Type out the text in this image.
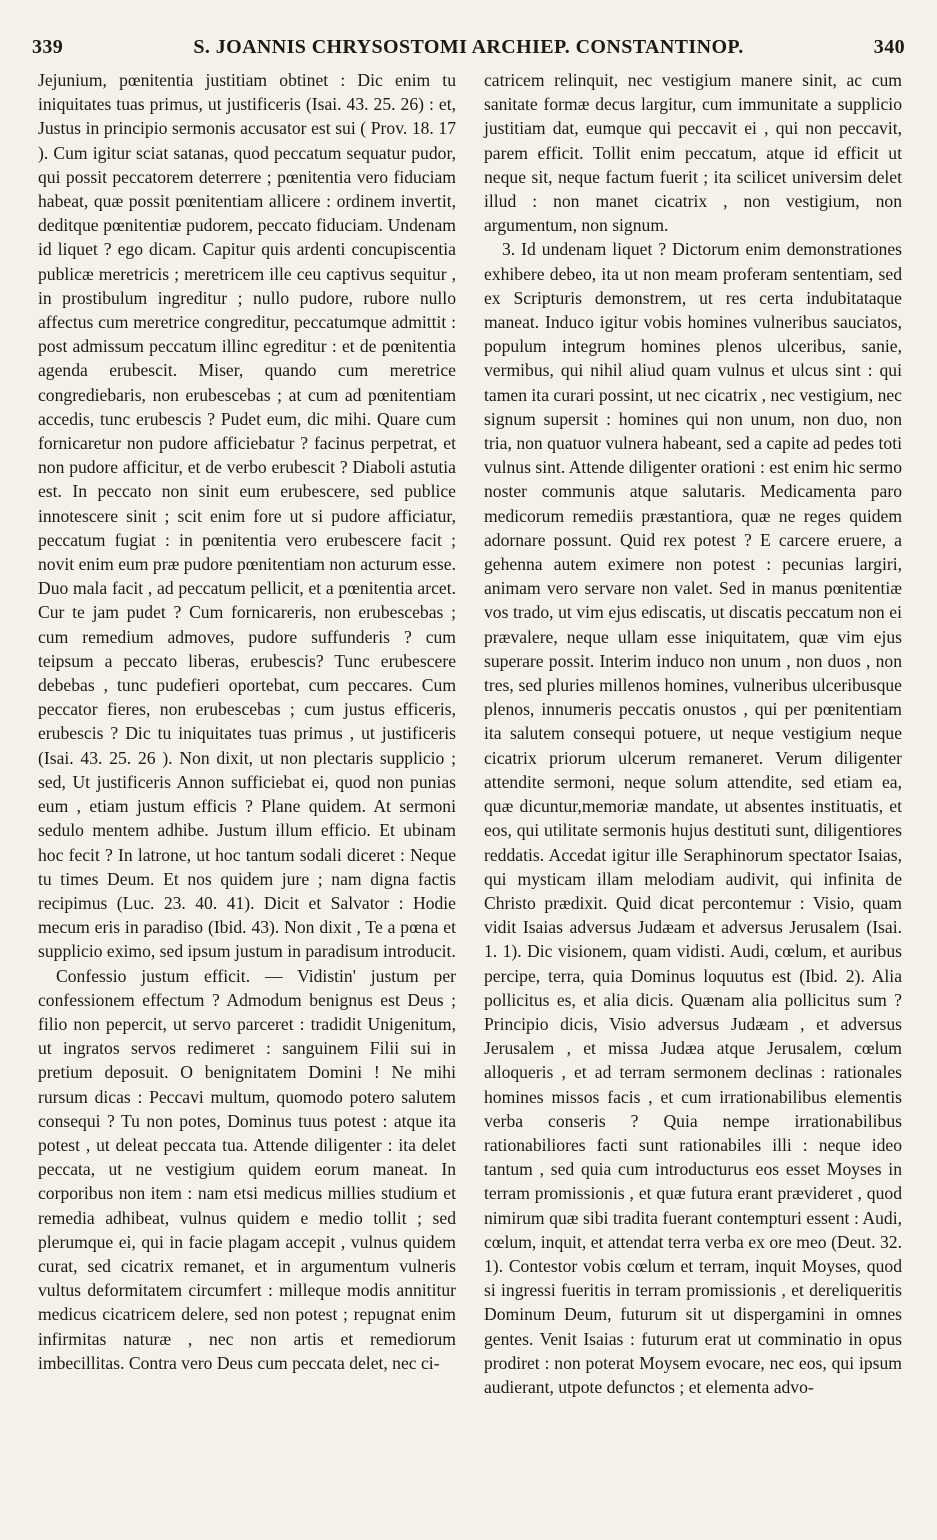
339	S. JOANNIS CHRYSOSTOMI ARCHIEP. CONSTANTINOP.	340

Jejunium, pœnitentia justitiam obtinet : Dic enim tu iniquitates tuas primus, ut justificeris (Isai. 43. 25. 26) : et, Justus in principio sermonis accusator est sui ( Prov. 18. 17 ). Cum igitur sciat satanas, quod peccatum sequatur pudor, qui possit peccatorem deterrere ; pœnitentia vero fiduciam habeat, quæ possit pœnitentiam allicere : ordinem invertit, deditque pœnitentiæ pudorem, peccato fiduciam. Undenam id liquet ? ego dicam. Capitur quis ardenti concupiscentia publicæ meretricis ; meretricem ille ceu captivus sequitur , in prostibulum ingreditur ; nullo pudore, rubore nullo affectus cum meretrice congreditur, peccatumque admittit : post admissum peccatum illinc egreditur : et de pœnitentia agenda erubescit. Miser, quando cum meretrice congrediebaris, non erubescebas ; at cum ad pœnitentiam accedis, tunc erubescis ? Pudet eum, dic mihi. Quare cum fornicaretur non pudore afficiebatur ? facinus perpetrat, et non pudore afficitur, et de verbo erubescit ? Diaboli astutia est. In peccato non sinit eum erubescere, sed publice innotescere sinit ; scit enim fore ut si pudore afficiatur, peccatum fugiat : in pœnitentia vero erubescere facit ; novit enim eum præ pudore pœnitentiam non acturum esse. Duo mala facit , ad peccatum pellicit, et a pœnitentia arcet. Cur te jam pudet ? Cum fornicareris, non erubescebas ; cum remedium admoves, pudore suffunderis ? cum teipsum a peccato liberas, erubescis? Tunc erubescere debebas , tunc pudefieri oportebat, cum peccares. Cum peccator fieres, non erubescebas ; cum justus efficeris, erubescis ? Dic tu iniquitates tuas primus , ut justificeris (Isai. 43. 25. 26 ). Non dixit, ut non plectaris supplicio ; sed, Ut justificeris Annon sufficiebat ei, quod non punias eum , etiam justum efficis ? Plane quidem. At sermoni sedulo mentem adhibe. Justum illum efficio. Et ubinam hoc fecit ? In latrone, ut hoc tantum sodali diceret : Neque tu times Deum. Et nos quidem jure ; nam digna factis recipimus (Luc. 23. 40. 41). Dicit et Salvator : Hodie mecum eris in paradiso (Ibid. 43). Non dixit , Te a pœna et supplicio eximo, sed ipsum justum in paradisum introducit.

Confessio justum efficit. — Vidistin' justum per confessionem effectum ? Admodum benignus est Deus ; filio non pepercit, ut servo parceret : tradidit Unigenitum, ut ingratos servos redimeret : sanguinem Filii sui in pretium deposuit. O benignitatem Domini ! Ne mihi rursum dicas : Peccavi multum, quomodo potero salutem consequi ? Tu non potes, Dominus tuus potest : atque ita potest , ut deleat peccata tua. Attende diligenter : ita delet peccata, ut ne vestigium quidem eorum maneat. In corporibus non item : nam etsi medicus millies studium et remedia adhibeat, vulnus quidem e medio tollit ; sed plerumque ei, qui in facie plagam accepit , vulnus quidem curat, sed cicatrix remanet, et in argumentum vulneris vultus deformitatem circumfert : milleque modis annititur medicus cicatricem delere, sed non potest ; repugnat enim infirmitas naturæ , nec non artis et remediorum imbecillitas. Contra vero Deus cum peccata delet, nec ci-

catricem relinquit, nec vestigium manere sinit, ac cum sanitate formæ decus largitur, cum immunitate a supplicio justitiam dat, eumque qui peccavit ei , qui non peccavit, parem efficit. Tollit enim peccatum, atque id efficit ut neque sit, neque factum fuerit ; ita scilicet universim delet illud : non manet cicatrix , non vestigium, non argumentum, non signum.

3. Id undenam liquet ? Dictorum enim demonstrationes exhibere debeo, ita ut non meam proferam sententiam, sed ex Scripturis demonstrem, ut res certa indubitataque maneat. Induco igitur vobis homines vulneribus sauciatos, populum integrum homines plenos ulceribus, sanie, vermibus, qui nihil aliud quam vulnus et ulcus sint : qui tamen ita curari possint, ut nec cicatrix , nec vestigium, nec signum supersit : homines qui non unum, non duo, non tria, non quatuor vulnera habeant, sed a capite ad pedes toti vulnus sint. Attende diligenter orationi : est enim hic sermo noster communis atque salutaris. Medicamenta paro medicorum remediis præstantiora, quæ ne reges quidem adornare possunt. Quid rex potest ? E carcere eruere, a gehenna autem eximere non potest : pecunias largiri, animam vero servare non valet. Sed in manus pœnitentiæ vos trado, ut vim ejus ediscatis, ut discatis peccatum non ei prævalere, neque ullam esse iniquitatem, quæ vim ejus superare possit. Interim induco non unum , non duos , non tres, sed pluries millenos homines, vulneribus ulceribusque plenos, innumeris peccatis onustos , qui per pœnitentiam ita salutem consequi potuere, ut neque vestigium neque cicatrix priorum ulcerum remaneret. Verum diligenter attendite sermoni, neque solum attendite, sed etiam ea, quæ dicuntur,memoriæ mandate, ut absentes instituatis, et eos, qui utilitate sermonis hujus destituti sunt, diligentiores reddatis. Accedat igitur ille Seraphinorum spectator Isaias, qui mysticam illam melodiam audivit, qui infinita de Christo prædixit. Quid dicat percontemur : Visio, quam vidit Isaias adversus Judæam et adversus Jerusalem (Isai. 1. 1). Dic visionem, quam vidisti. Audi, cœlum, et auribus percipe, terra, quia Dominus loquutus est (Ibid. 2). Alia pollicitus es, et alia dicis. Quænam alia pollicitus sum ? Principio dicis, Visio adversus Judæam , et adversus Jerusalem , et missa Judæa atque Jerusalem, cœlum alloqueris , et ad terram sermonem declinas : rationales homines missos facis , et cum irrationabilibus elementis verba conseris ? Quia nempe irrationabilibus rationabiliores facti sunt rationabiles illi : neque ideo tantum , sed quia cum introducturus eos esset Moyses in terram promissionis , et quæ futura erant prævideret , quod nimirum quæ sibi tradita fuerant contempturi essent : Audi, cœlum, inquit, et attendat terra verba ex ore meo (Deut. 32. 1). Contestor vobis cœlum et terram, inquit Moyses, quod si ingressi fueritis in terram promissionis , et dereliqueritis Dominum Deum, futurum sit ut dispergamini in omnes gentes. Venit Isaias : futurum erat ut comminatio in opus prodiret : non poterat Moysem evocare, nec eos, qui ipsum audierant, utpote defunctos ; et elementa advo-
